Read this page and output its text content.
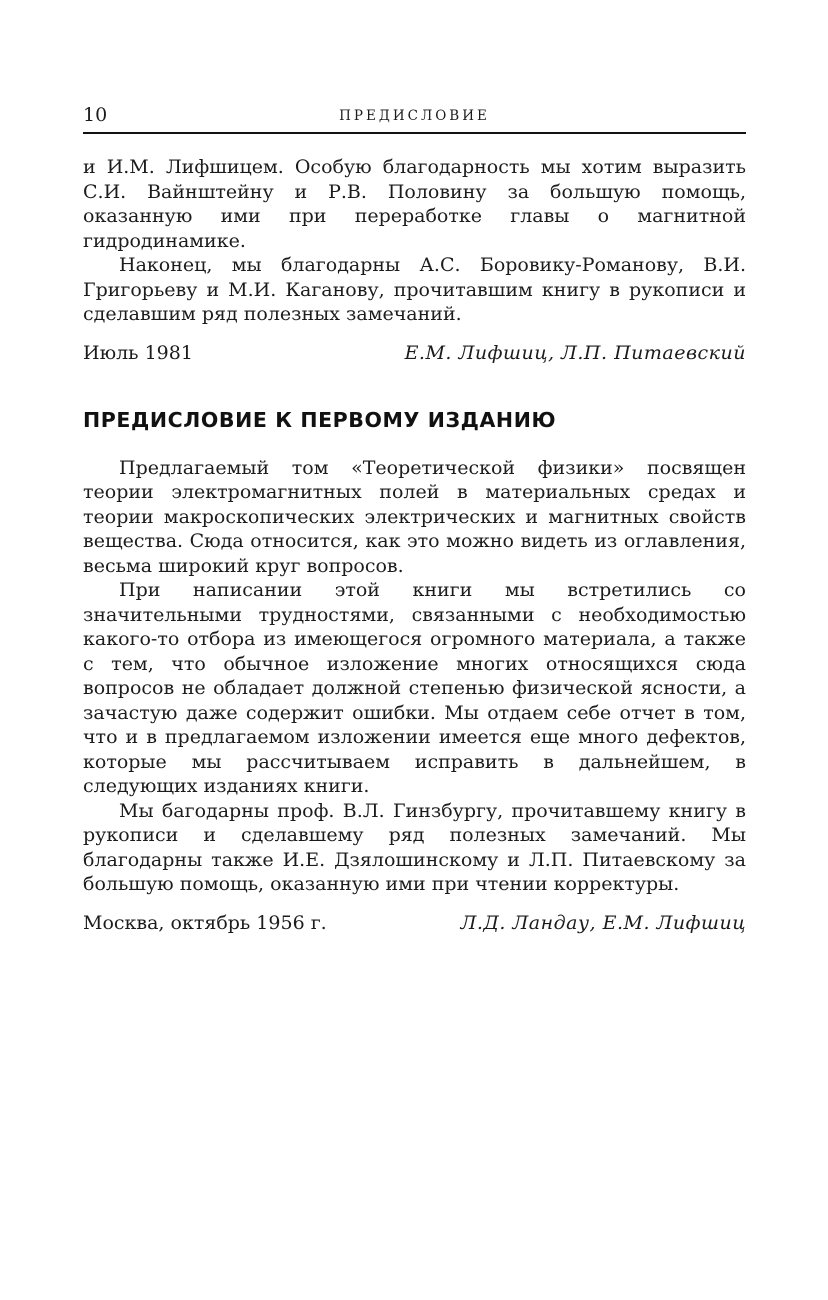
10	ПРЕДИСЛОВИЕ

и И.М. Лифшицем. Особую благодарность мы хотим выразить С.И. Вайнштейну и Р.В. Половину за большую помощь, оказанную ими при переработке главы о магнитной гидродинамике.

Наконец, мы благодарны А.С. Боровику-Романову, В.И. Григорьеву и М.И. Каганову, прочитавшим книгу в рукописи и сделавшим ряд полезных замечаний.

Июль 1981	Е.М. Лифшиц, Л.П. Питаевский
ПРЕДИСЛОВИЕ К ПЕРВОМУ ИЗДАНИЮ

Предлагаемый том «Теоретической физики» посвящен теории электромагнитных полей в материальных средах и теории макроскопических электрических и магнитных свойств вещества. Сюда относится, как это можно видеть из оглавления, весьма широкий круг вопросов.

При написании этой книги мы встретились со значительными трудностями, связанными с необходимостью какого-то отбора из имеющегося огромного материала, а также с тем, что обычное изложение многих относящихся сюда вопросов не обладает должной степенью физической ясности, а зачастую даже содержит ошибки. Мы отдаем себе отчет в том, что и в предлагаемом изложении имеется еще много дефектов, которые мы рассчитываем исправить в дальнейшем, в следующих изданиях книги.

Мы багодарны проф. В.Л. Гинзбургу, прочитавшему книгу в рукописи и сделавшему ряд полезных замечаний. Мы благодарны также И.Е. Дзялошинскому и Л.П. Питаевскому за большую помощь, оказанную ими при чтении корректуры.

Москва, октябрь 1956 г.	Л.Д. Ландау, Е.М. Лифшиц
